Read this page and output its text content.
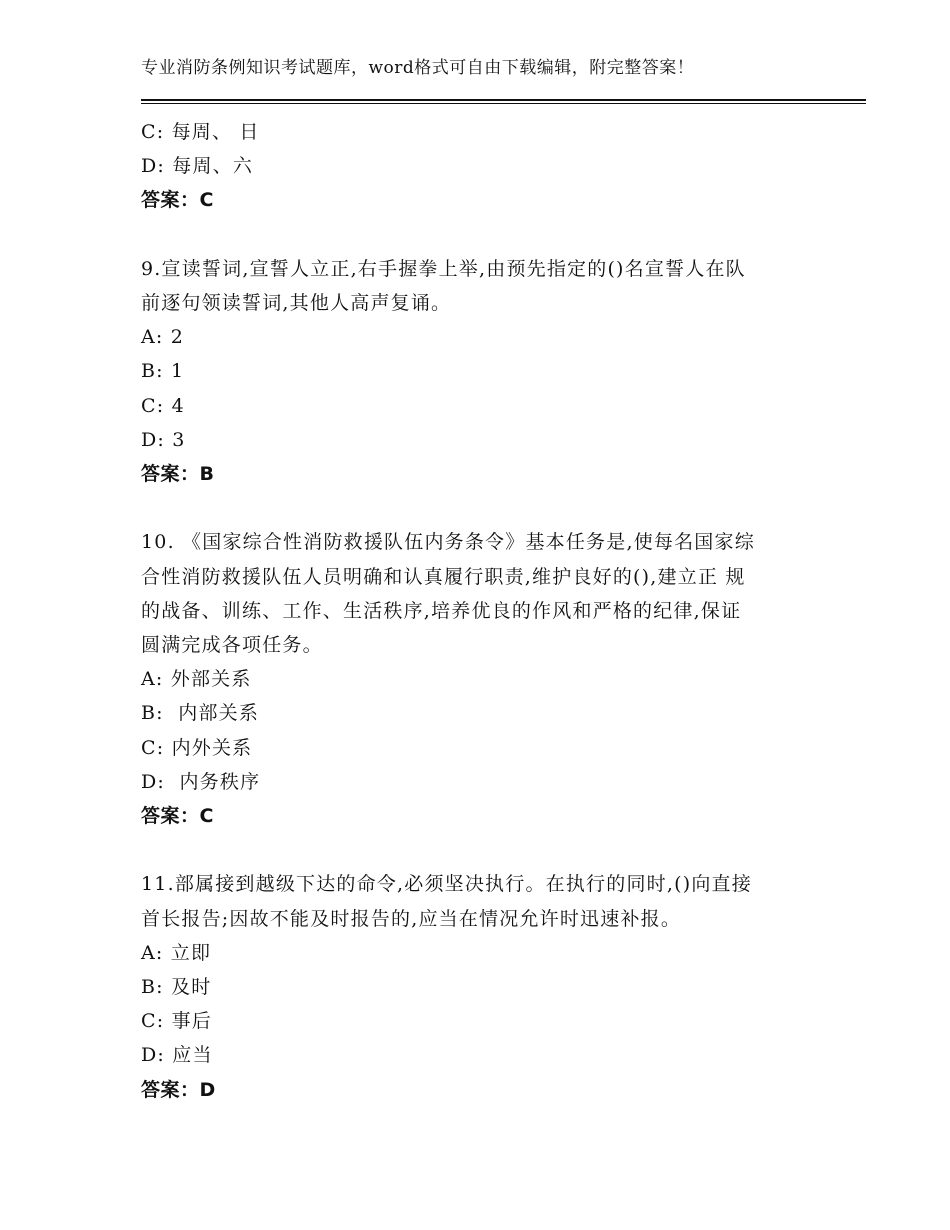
专业消防条例知识考试题库，word格式可自由下载编辑，附完整答案！
C: 每周、 日
D: 每周、六
答案：C
9.宣读誓词,宣誓人立正,右手握拳上举,由预先指定的()名宣誓人在队
前逐句领读誓词,其他人高声复诵。
A: 2
B: 1
C: 4
D: 3
答案：B
10. 《国家综合性消防救援队伍内务条令》基本任务是,使每名国家综
合性消防救援队伍人员明确和认真履行职责,维护良好的(),建立正 规
的战备、训练、工作、生活秩序,培养优良的作风和严格的纪律,保证
圆满完成各项任务。
A: 外部关系
B:  内部关系
C: 内外关系
D:  内务秩序
答案：C
11.部属接到越级下达的命令,必须坚决执行。在执行的同时,()向直接
首长报告;因故不能及时报告的,应当在情况允许时迅速补报。
A: 立即
B: 及时
C: 事后
D: 应当
答案：D
